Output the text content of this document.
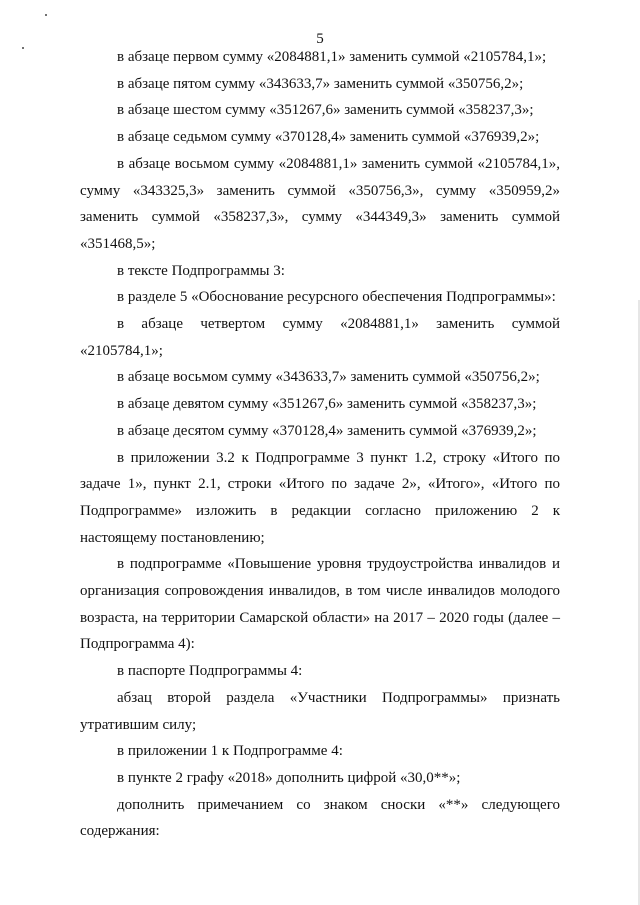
5

в абзаце первом сумму «2084881,1» заменить суммой «2105784,1»;

в абзаце пятом сумму «343633,7» заменить суммой «350756,2»;

в абзаце шестом сумму «351267,6» заменить суммой «358237,3»;

в абзаце седьмом сумму «370128,4» заменить суммой «376939,2»;

в абзаце восьмом сумму «2084881,1» заменить суммой «2105784,1», сумму «343325,3» заменить суммой «350756,3», сумму «350959,2» заменить суммой «358237,3», сумму «344349,3» заменить суммой «351468,5»;

в тексте Подпрограммы 3:

в разделе 5 «Обоснование ресурсного обеспечения Подпрограммы»:

в абзаце четвертом сумму «2084881,1» заменить суммой «2105784,1»;

в абзаце восьмом сумму «343633,7» заменить суммой «350756,2»;

в абзаце девятом сумму «351267,6» заменить суммой «358237,3»;

в абзаце десятом сумму «370128,4» заменить суммой «376939,2»;

в приложении 3.2 к Подпрограмме 3 пункт 1.2, строку «Итого по задаче 1», пункт 2.1, строки «Итого по задаче 2», «Итого», «Итого по Подпрограмме» изложить в редакции согласно приложению 2 к настоящему постановлению;

в подпрограмме «Повышение уровня трудоустройства инвалидов и организация сопровождения инвалидов, в том числе инвалидов молодого возраста, на территории Самарской области» на 2017 – 2020 годы (далее – Подпрограмма 4):

в паспорте Подпрограммы 4:

абзац второй раздела «Участники Подпрограммы» признать утратившим силу;

в приложении 1 к Подпрограмме 4:

в пункте 2 графу «2018» дополнить цифрой «30,0**»;

дополнить примечанием со знаком сноски «**» следующего содержания:
